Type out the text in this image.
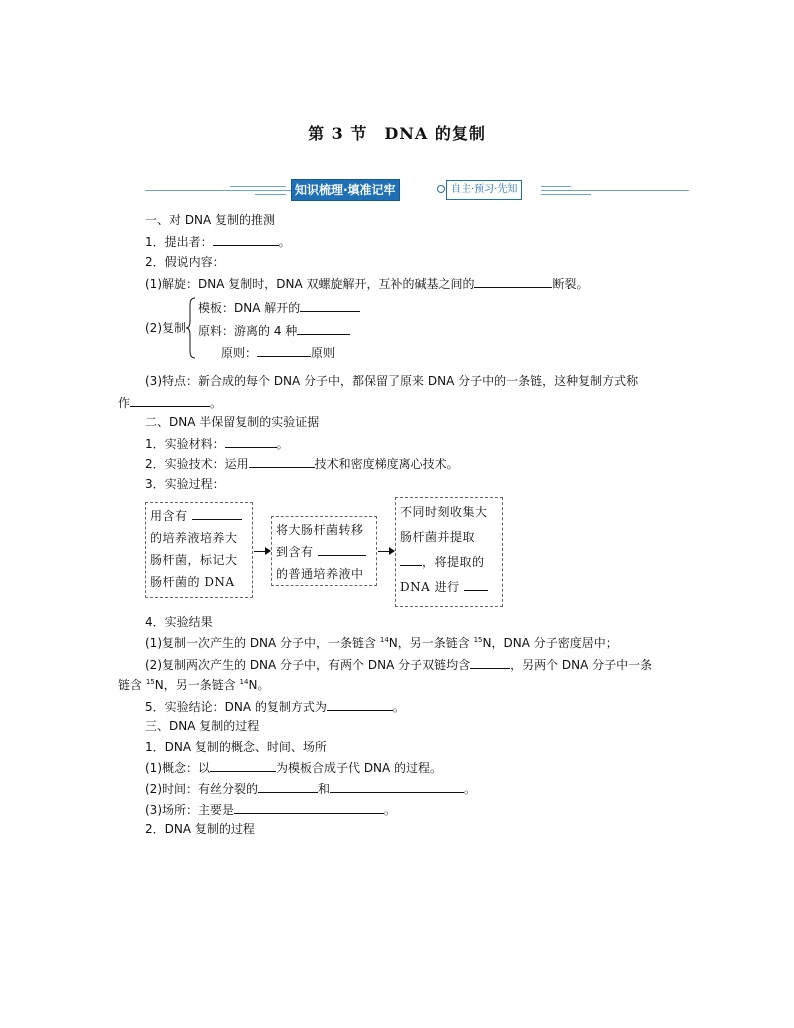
第 3 节　DNA 的复制
知识梳理·填准记牢	自主·预习·先知
一、对 DNA 复制的推测
1．提出者：	。
2．假说内容：
(1)解旋：DNA 复制时，DNA 双螺旋解开，互补的碱基之间的	断裂。
(2)复制
模板：DNA 解开的
原料：游离的 4 种
原则：	原则
(3)特点：新合成的每个 DNA 分子中，都保留了原来 DNA 分子中的一条链，这种复制方式称
作	。
二、DNA 半保留复制的实验证据
1．实验材料：	。
2．实验技术：运用	技术和密度梯度离心技术。
3．实验过程：
用含有
的培养液培养大
肠杆菌，标记大
肠杆菌的 DNA
将大肠杆菌转移
到含有
的普通培养液中
不同时刻收集大
肠杆菌并提取
，将提取的
DNA 进行
4．实验结果
(1)复制一次产生的 DNA 分子中，一条链含 $^{14}$N，另一条链含 $^{15}$N，DNA 分子密度居中；
(2)复制两次产生的 DNA 分子中，有两个 DNA 分子双链均含	，另两个 DNA 分子中一条
链含 $^{15}$N，另一条链含 $^{14}$N。
5．实验结论：DNA 的复制方式为	。
三、DNA 复制的过程
1．DNA 复制的概念、时间、场所
(1)概念：以	为模板合成子代 DNA 的过程。
(2)时间：有丝分裂的	和	。
(3)场所：主要是	。
2．DNA 复制的过程
